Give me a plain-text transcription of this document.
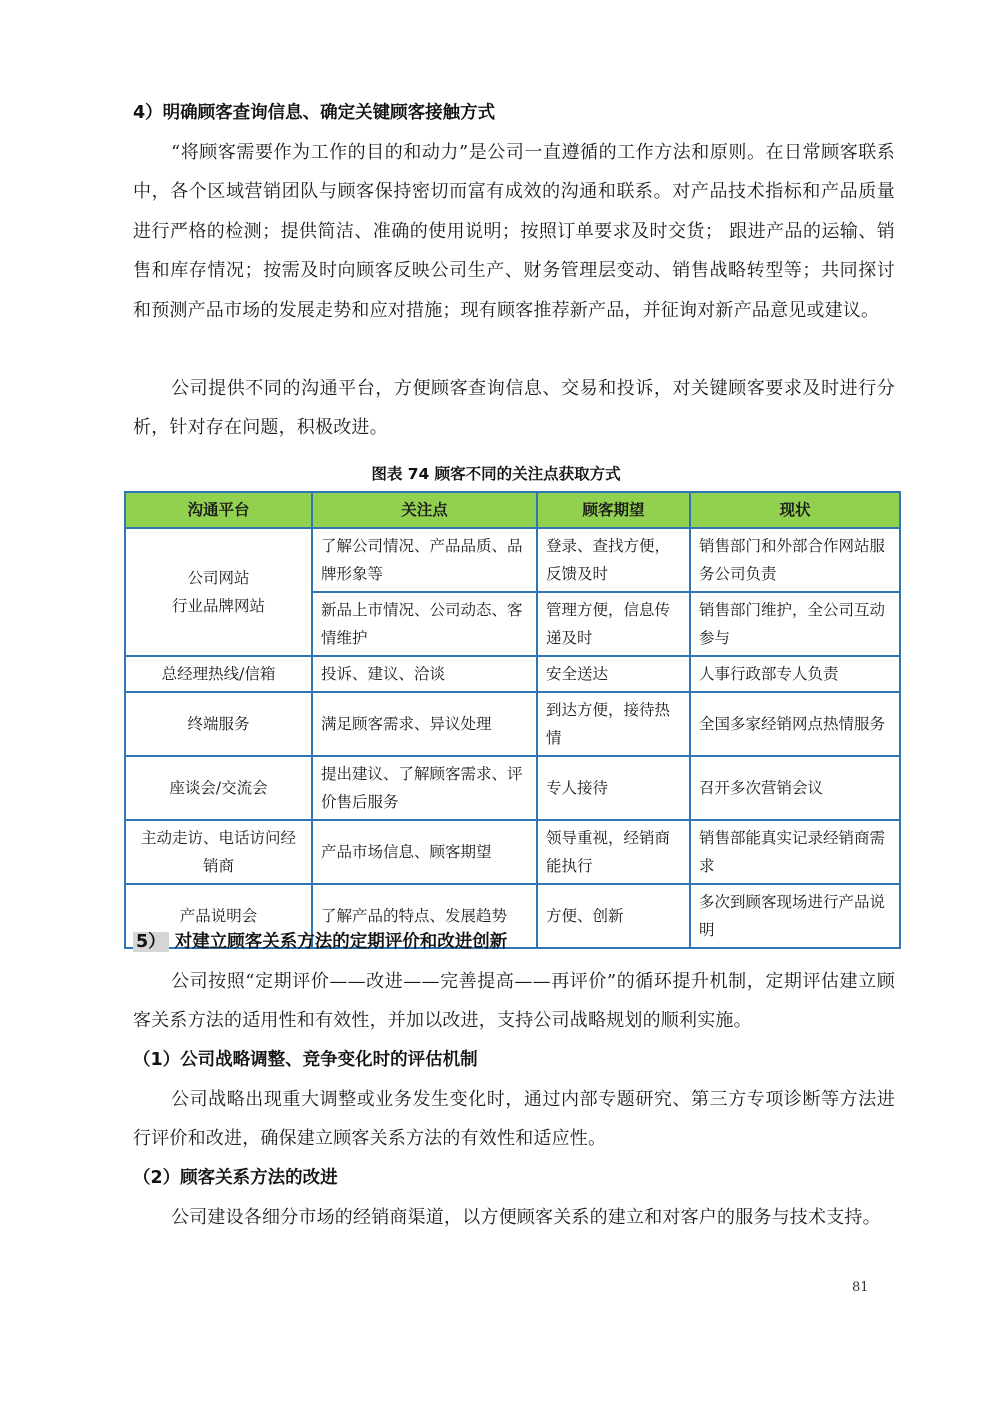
4）明确顾客查询信息、确定关键顾客接触方式

“将顾客需要作为工作的目的和动力”是公司一直遵循的工作方法和原则。在日常顾客联系中，各个区域营销团队与顾客保持密切而富有成效的沟通和联系。对产品技术指标和产品质量进行严格的检测；提供简洁、准确的使用说明；按照订单要求及时交货； 跟进产品的运输、销售和库存情况；按需及时向顾客反映公司生产、财务管理层变动、销售战略转型等；共同探讨和预测产品市场的发展走势和应对措施；现有顾客推荐新产品，并征询对新产品意见或建议。

公司提供不同的沟通平台，方便顾客查询信息、交易和投诉，对关键顾客要求及时进行分析，针对存在问题，积极改进。

图表 74 顾客不同的关注点获取方式
沟通平台	关注点	顾客期望	现状

公司网站
行业品牌网站	了解公司情况、产品品质、品牌形象等	登录、查找方便，反馈及时	销售部门和外部合作网站服务公司负责
	新品上市情况、公司动态、客情维护	管理方便，信息传递及时	销售部门维护，全公司互动参与
总经理热线/信箱	投诉、建议、洽谈	安全送达	人事行政部专人负责
终端服务	满足顾客需求、异议处理	到达方便，接待热情	全国多家经销网点热情服务
座谈会/交流会	提出建议、了解顾客需求、评价售后服务	专人接待	召开多次营销会议
主动走访、电话访问经销商	产品市场信息、顾客期望	领导重视，经销商能执行	销售部能真实记录经销商需求
产品说明会	了解产品的特点、发展趋势	方便、创新	多次到顾客现场进行产品说明
5） 对建立顾客关系方法的定期评价和改进创新

公司按照“定期评价——改进——完善提高——再评价”的循环提升机制，定期评估建立顾客关系方法的适用性和有效性，并加以改进，支持公司战略规划的顺利实施。

（1）公司战略调整、竞争变化时的评估机制

公司战略出现重大调整或业务发生变化时，通过内部专题研究、第三方专项诊断等方法进行评价和改进，确保建立顾客关系方法的有效性和适应性。

（2）顾客关系方法的改进

公司建设各细分市场的经销商渠道，以方便顾客关系的建立和对客户的服务与技术支持。

81
